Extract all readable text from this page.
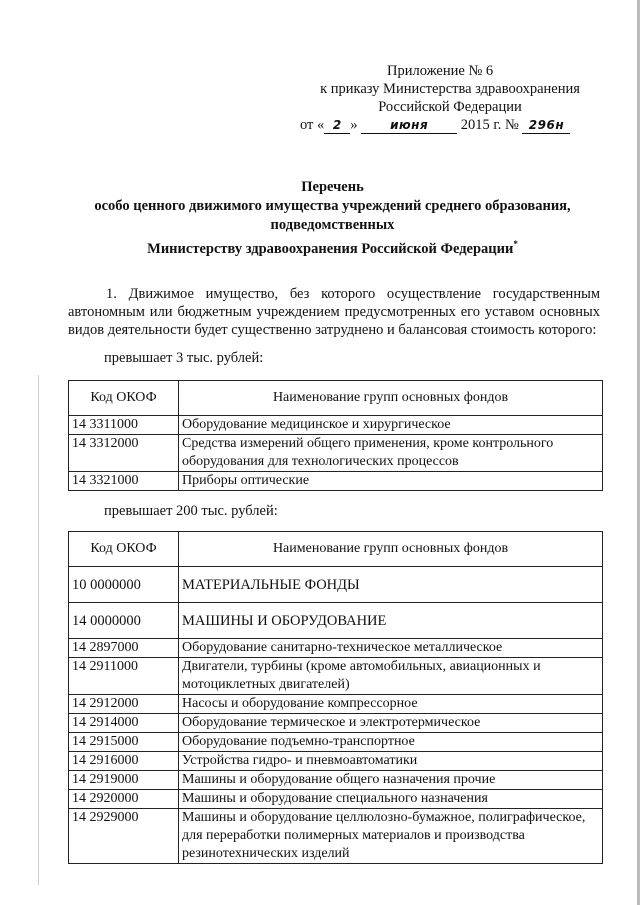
Приложение № 6
к приказу Министерства здравоохранения
Российской Федерации
от « 2 »	июня 2015 г. № 296н
Перечень
особо ценного движимого имущества учреждений среднего образования,
подведомственных
Министерству здравоохранения Российской Федерации*
1. Движимое имущество, без которого осуществление государственным автономным или бюджетным учреждением предусмотренных его уставом основных видов деятельности будет существенно затруднено и балансовая стоимость которого:
превышает 3 тыс. рублей:
Код ОКОФ	Наименование групп основных фондов
14 3311000	Оборудование медицинское и хирургическое
14 3312000	Средства измерений общего применения, кроме контрольного оборудования для технологических процессов
14 3321000	Приборы оптические
превышает 200 тыс. рублей:
Код ОКОФ	Наименование групп основных фондов
10 0000000	МАТЕРИАЛЬНЫЕ ФОНДЫ
14 0000000	МАШИНЫ И ОБОРУДОВАНИЕ
14 2897000	Оборудование санитарно-техническое металлическое
14 2911000	Двигатели, турбины (кроме автомобильных, авиационных и мотоциклетных двигателей)
14 2912000	Насосы и оборудование компрессорное
14 2914000	Оборудование термическое и электротермическое
14 2915000	Оборудование подъемно-транспортное
14 2916000	Устройства гидро- и пневмоавтоматики
14 2919000	Машины и оборудование общего назначения прочие
14 2920000	Машины и оборудование специального назначения
14 2929000	Машины и оборудование целлюлозно-бумажное, полиграфическое, для переработки полимерных материалов и производства резинотехнических изделий
